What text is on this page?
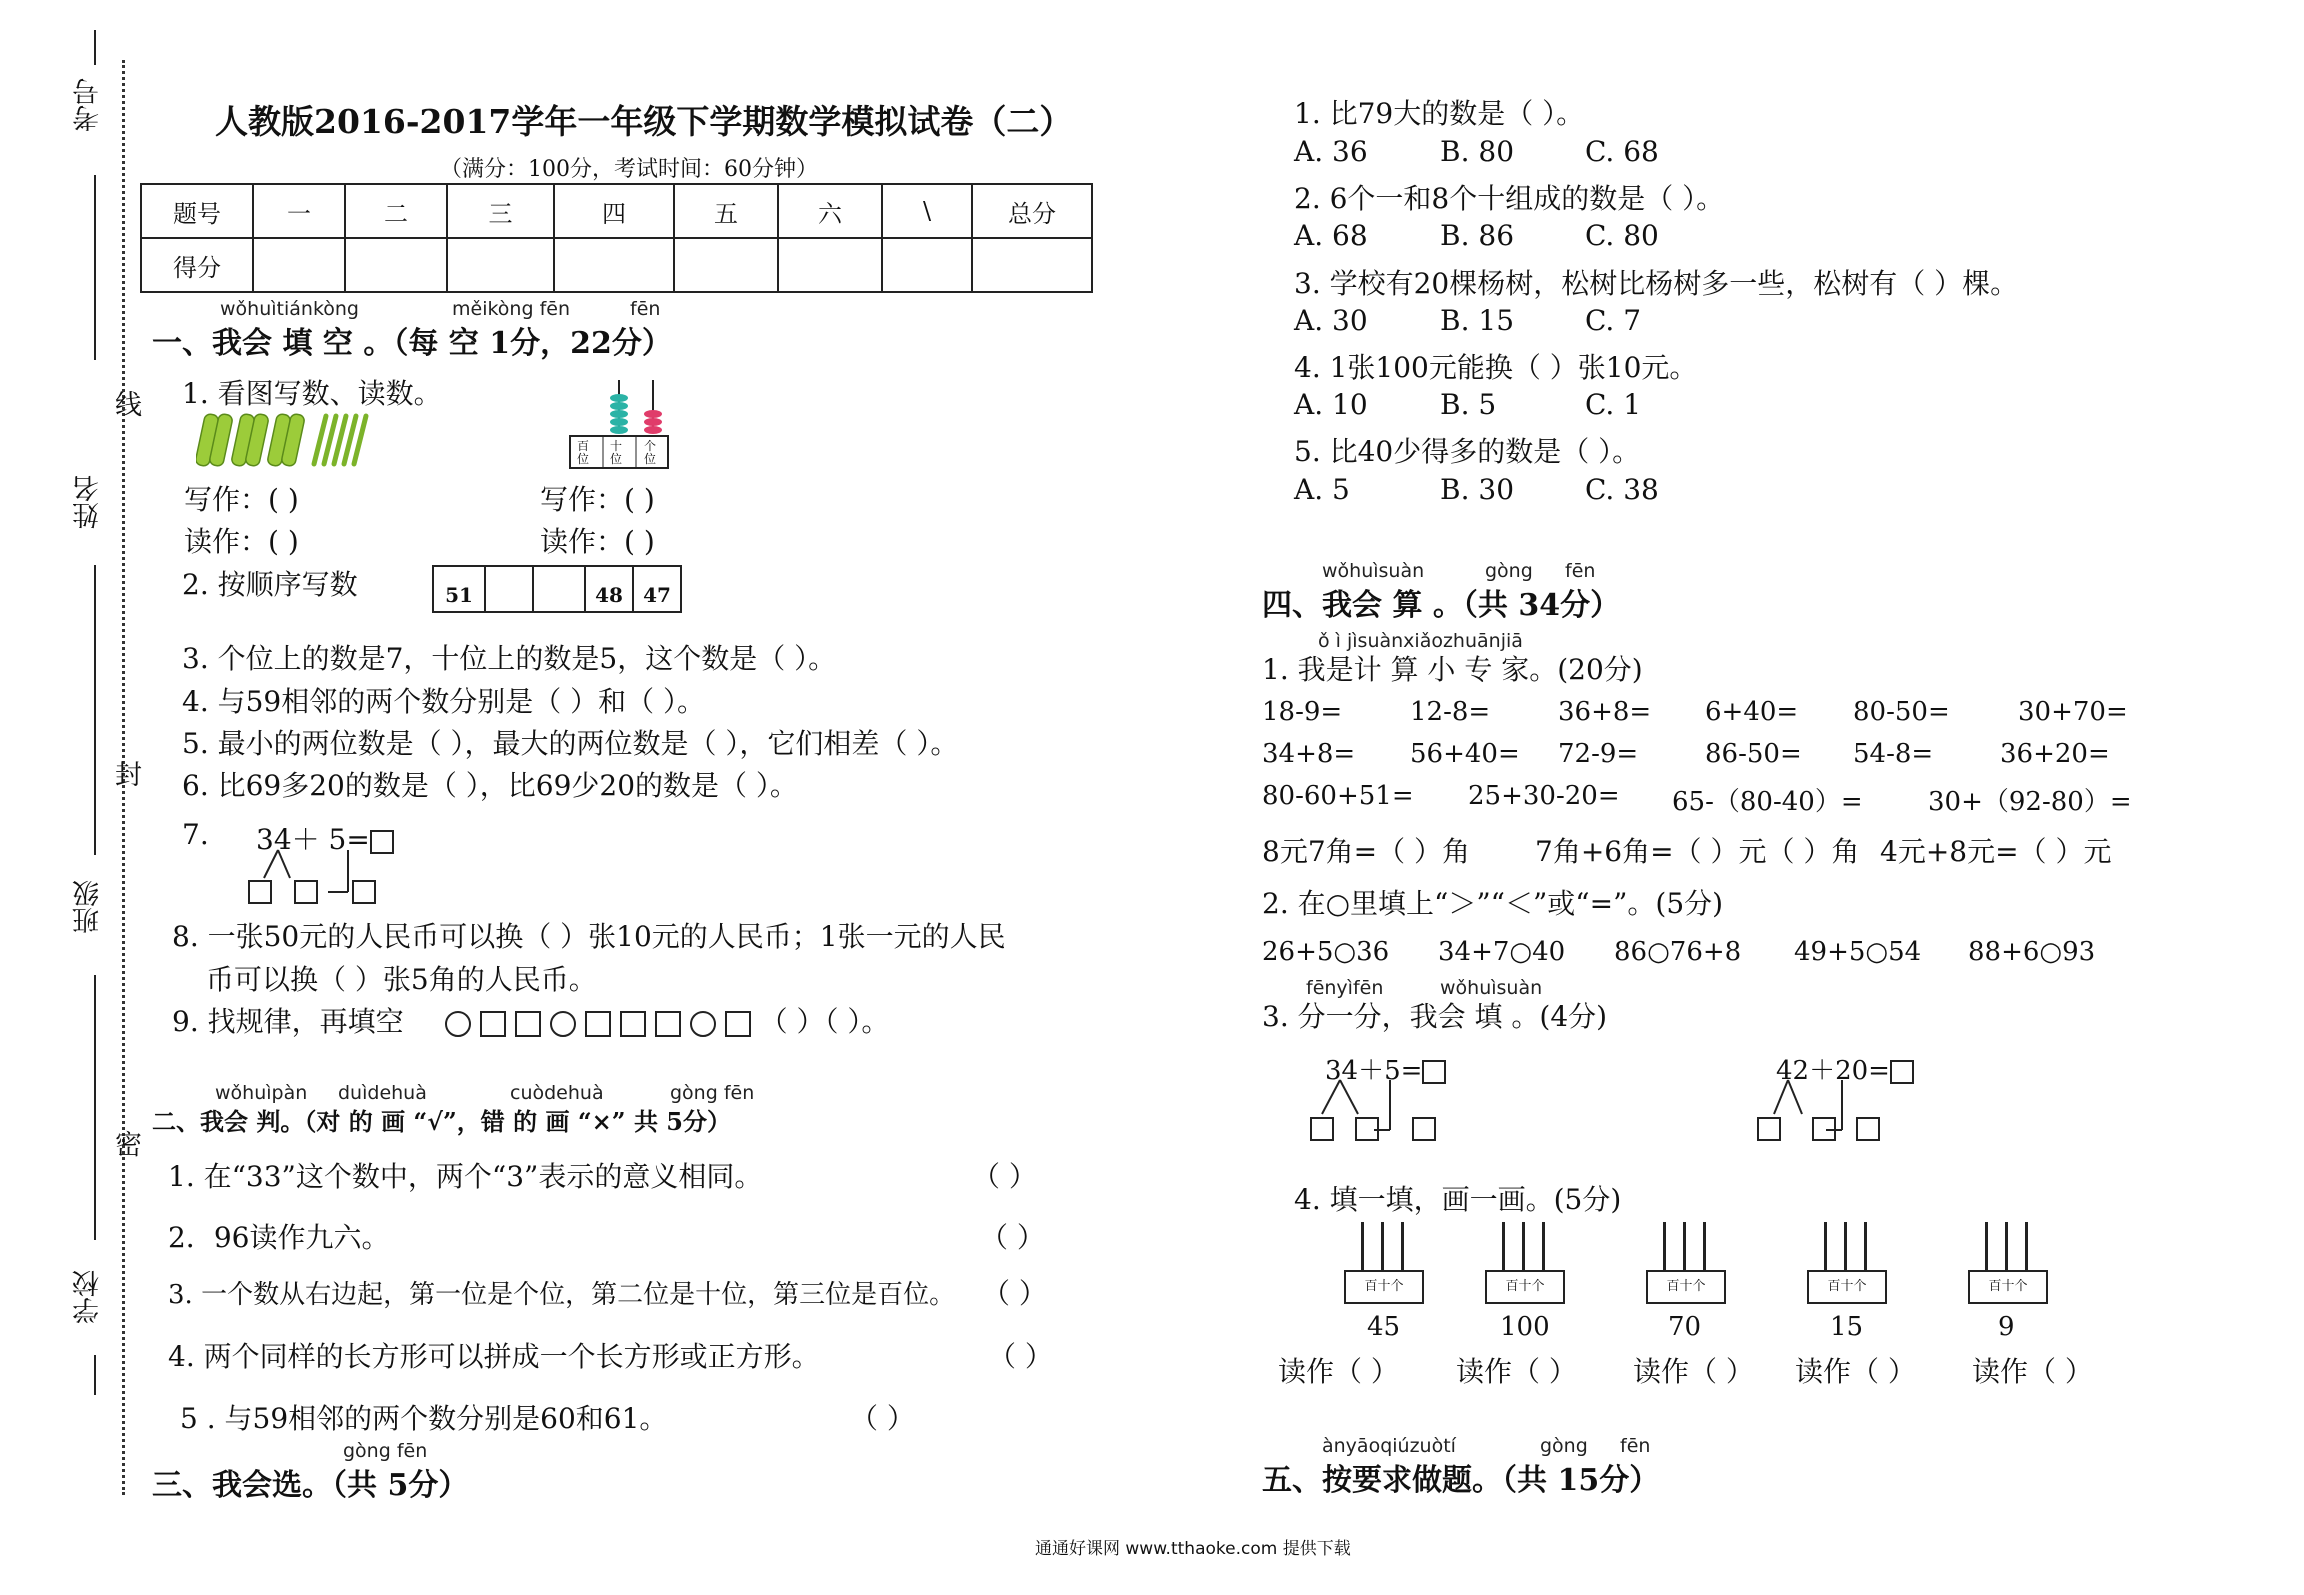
考号
线
姓名
封
班级
密
学校
人教版2016-2017学年一年级下学期数学模拟试卷（二）
（满分：100分，考试时间：60分钟）
题号	一	二	三	四	五	六	\	总分
得分								
wǒhuìtiánkòng	měikòng fēn	fēn
一、我会 填 空 。（每 空 1分，22分）
1. 看图写数、读数。
百位
十位
个位
写作：( )	写作：( )
读作：( )	读作：( )
2. 按顺序写数	51	48	47
3. 个位上的数是7，十位上的数是5，这个数是（ ）。
4. 与59相邻的两个数分别是（ ）和（ ）。
5. 最小的两位数是（ ），最大的两位数是（ ），它们相差（ ）。
6. 比69多20的数是（ ），比69少20的数是（ ）。
7. 34＋ 5=
8. 一张50元的人民币可以换（ ）张10元的人民币；1张一元的人民
币可以换（ ）张5角的人民币。
9. 找规律，再填空	（ ）（ ）。
wǒhuìpàn duìdehuà	cuòdehuà	gòng fēn
二、我会 判。（对 的 画 “√”，错 的 画 “×” 共 5分）
1. 在“33”这个数中，两个“3”表示的意义相同。	（ ）
2．96读作九六。	（ ）
3. 一个数从右边起，第一位是个位，第二位是十位，第三位是百位。 （ ）
4. 两个同样的长方形可以拼成一个长方形或正方形。	（ ）
5 . 与59相邻的两个数分别是60和61。	（ ）
gòng fēn
三、我会选。（共 5分）
1. 比79大的数是（ ）。
A. 36	B. 80	C. 68
2. 6个一和8个十组成的数是（ ）。
A. 68	B. 86	C. 80
3. 学校有20棵杨树，松树比杨树多一些，松树有（ ）棵。
A. 30	B. 15	C. 7
4. 1张100元能换（ ）张10元。
A. 10	B. 5	C. 1
5. 比40少得多的数是（ ）。
A. 5	B. 30	C. 38
wǒhuìsuàn	gòng fēn
四、我会 算 。（共 34分）
ǒ ì jìsuànxiǎozhuānjiā
1. 我是计 算 小 专 家。(20分)
18-9=	12-8=	36+8= 6+40= 80-50=	30+70=
34+8= 56+40= 72-9=	86-50= 54-8=	36+20=
80-60+51= 25+30-20= 65-（80-40）=	30+（92-80）=
8元7角=（ ）角 7角+6角=（ ）元（ ）角 4元+8元=（ ）元
2. 在○里填上“＞”“＜”或“=”。(5分)
26+5○36 34+7○40 86○76+8 49+5○54 88+6○93
fēnyìfēn	wǒhuìsuàn
3. 分一分，我会 填 。(4分)
34＋5=	42＋20=
4. 填一填，画一画。(5分)
百十个	百十个	百十个	百十个	百十个
45	100	70	15	9
读作（ ） 读作（ ） 读作（ ） 读作（ ） 读作（ ）
ànyāoqiúzuòtí	gòng fēn
五、按要求做题。（共 15分）
通通好课网 www.tthaoke.com 提供下载
